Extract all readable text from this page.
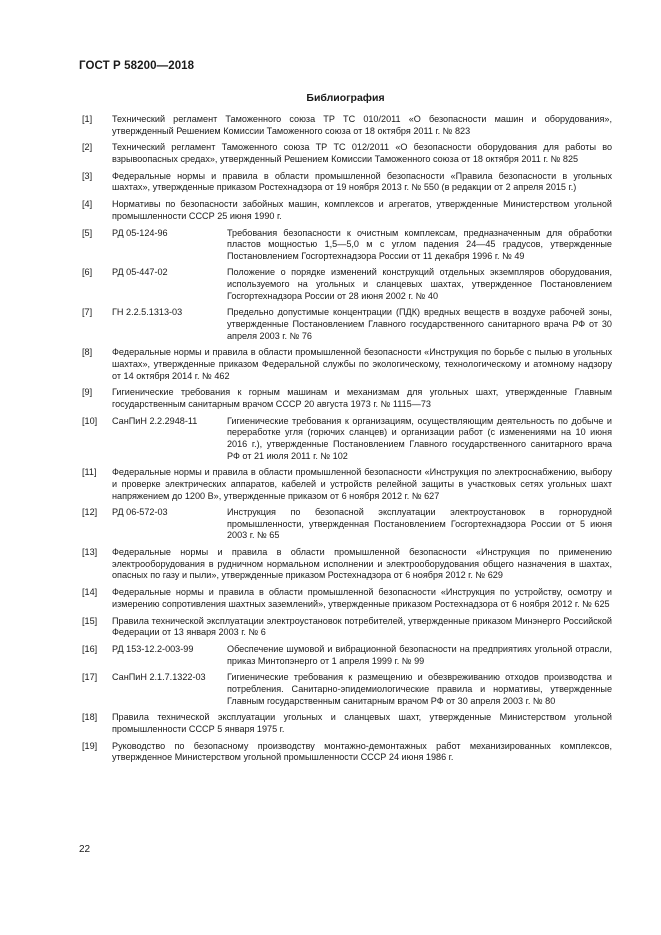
ГОСТ Р 58200—2018
Библиография
[1]	Технический регламент Таможенного союза ТР ТС 010/2011 «О безопасности машин и оборудования», утвержденный Решением Комиссии Таможенного союза от 18 октября 2011 г. № 823
[2]	Технический регламент Таможенного союза ТР ТС 012/2011 «О безопасности оборудования для работы во взрывоопасных средах», утвержденный Решением Комиссии Таможенного союза от 18 октября 2011 г. № 825
[3]	Федеральные нормы и правила в области промышленной безопасности «Правила безопасности в угольных шахтах», утвержденные приказом Ростехнадзора от 19 ноября 2013 г. № 550 (в редакции от 2 апреля 2015 г.)
[4]	Нормативы по безопасности забойных машин, комплексов и агрегатов, утвержденные Министерством угольной промышленности СССР 25 июня 1990 г.
[5]	РД 05-124-96	Требования безопасности к очистным комплексам, предназначенным для обработки пластов мощностью 1,5—5,0 м с углом падения 24—45 градусов, утвержденные Постановлением Госгортехнадзора России от 11 декабря 1996 г. № 49
[6]	РД 05-447-02	Положение о порядке изменений конструкций отдельных экземпляров оборудования, используемого на угольных и сланцевых шахтах, утвержденное Постановлением Госгортехнадзора России от 28 июня 2002 г. № 40
[7]	ГН 2.2.5.1313-03	Предельно допустимые концентрации (ПДК) вредных веществ в воздухе рабочей зоны, утвержденные Постановлением Главного государственного санитарного врача РФ от 30 апреля 2003 г. № 76
[8]	Федеральные нормы и правила в области промышленной безопасности «Инструкция по борьбе с пылью в угольных шахтах», утвержденные приказом Федеральной службы по экологическому, технологическому и атомному надзору от 14 октября 2014 г. № 462
[9]	Гигиенические требования к горным машинам и механизмам для угольных шахт, утвержденные Главным государственным санитарным врачом СССР 20 августа 1973 г. № 1115—73
[10]	СанПиН 2.2.2948-11	Гигиенические требования к организациям, осуществляющим деятельность по добыче и переработке угля (горючих сланцев) и организации работ (с изменениями на 10 июня 2016 г.), утвержденные Постановлением Главного государственного санитарного врача РФ от 21 июля 2011 г. № 102
[11]	Федеральные нормы и правила в области промышленной безопасности «Инструкция по электроснабжению, выбору и проверке электрических аппаратов, кабелей и устройств релейной защиты в участковых сетях угольных шахт напряжением до 1200 В», утвержденные приказом от 6 ноября 2012 г. № 627
[12]	РД 06-572-03	Инструкция по безопасной эксплуатации электроустановок в горнорудной промышленности, утвержденная Постановлением Госгортехнадзора России от 5 июня 2003 г. № 65
[13]	Федеральные нормы и правила в области промышленной безопасности «Инструкция по применению электрооборудования в рудничном нормальном исполнении и электрооборудования общего назначения в шахтах, опасных по газу и пыли», утвержденные приказом Ростехнадзора от 6 ноября 2012 г. № 629
[14]	Федеральные нормы и правила в области промышленной безопасности «Инструкция по устройству, осмотру и измерению сопротивления шахтных заземлений», утвержденные приказом Ростехнадзора от 6 ноября 2012 г. № 625
[15]	Правила технической эксплуатации электроустановок потребителей, утвержденные приказом Минэнерго Российской Федерации от 13 января 2003 г. № 6
[16]	РД 153-12.2-003-99	Обеспечение шумовой и вибрационной безопасности на предприятиях угольной отрасли, приказ Минтопэнерго от 1 апреля 1999 г. № 99
[17]	СанПиН 2.1.7.1322-03	Гигиенические требования к размещению и обезвреживанию отходов производства и потребления. Санитарно-эпидемиологические правила и нормативы, утвержденные Главным государственным санитарным врачом РФ от 30 апреля 2003 г. № 80
[18]	Правила технической эксплуатации угольных и сланцевых шахт, утвержденные Министерством угольной промышленности СССР 5 января 1975 г.
[19]	Руководство по безопасному производству монтажно-демонтажных работ механизированных комплексов, утвержденное Министерством угольной промышленности СССР 24 июня 1986 г.
22
